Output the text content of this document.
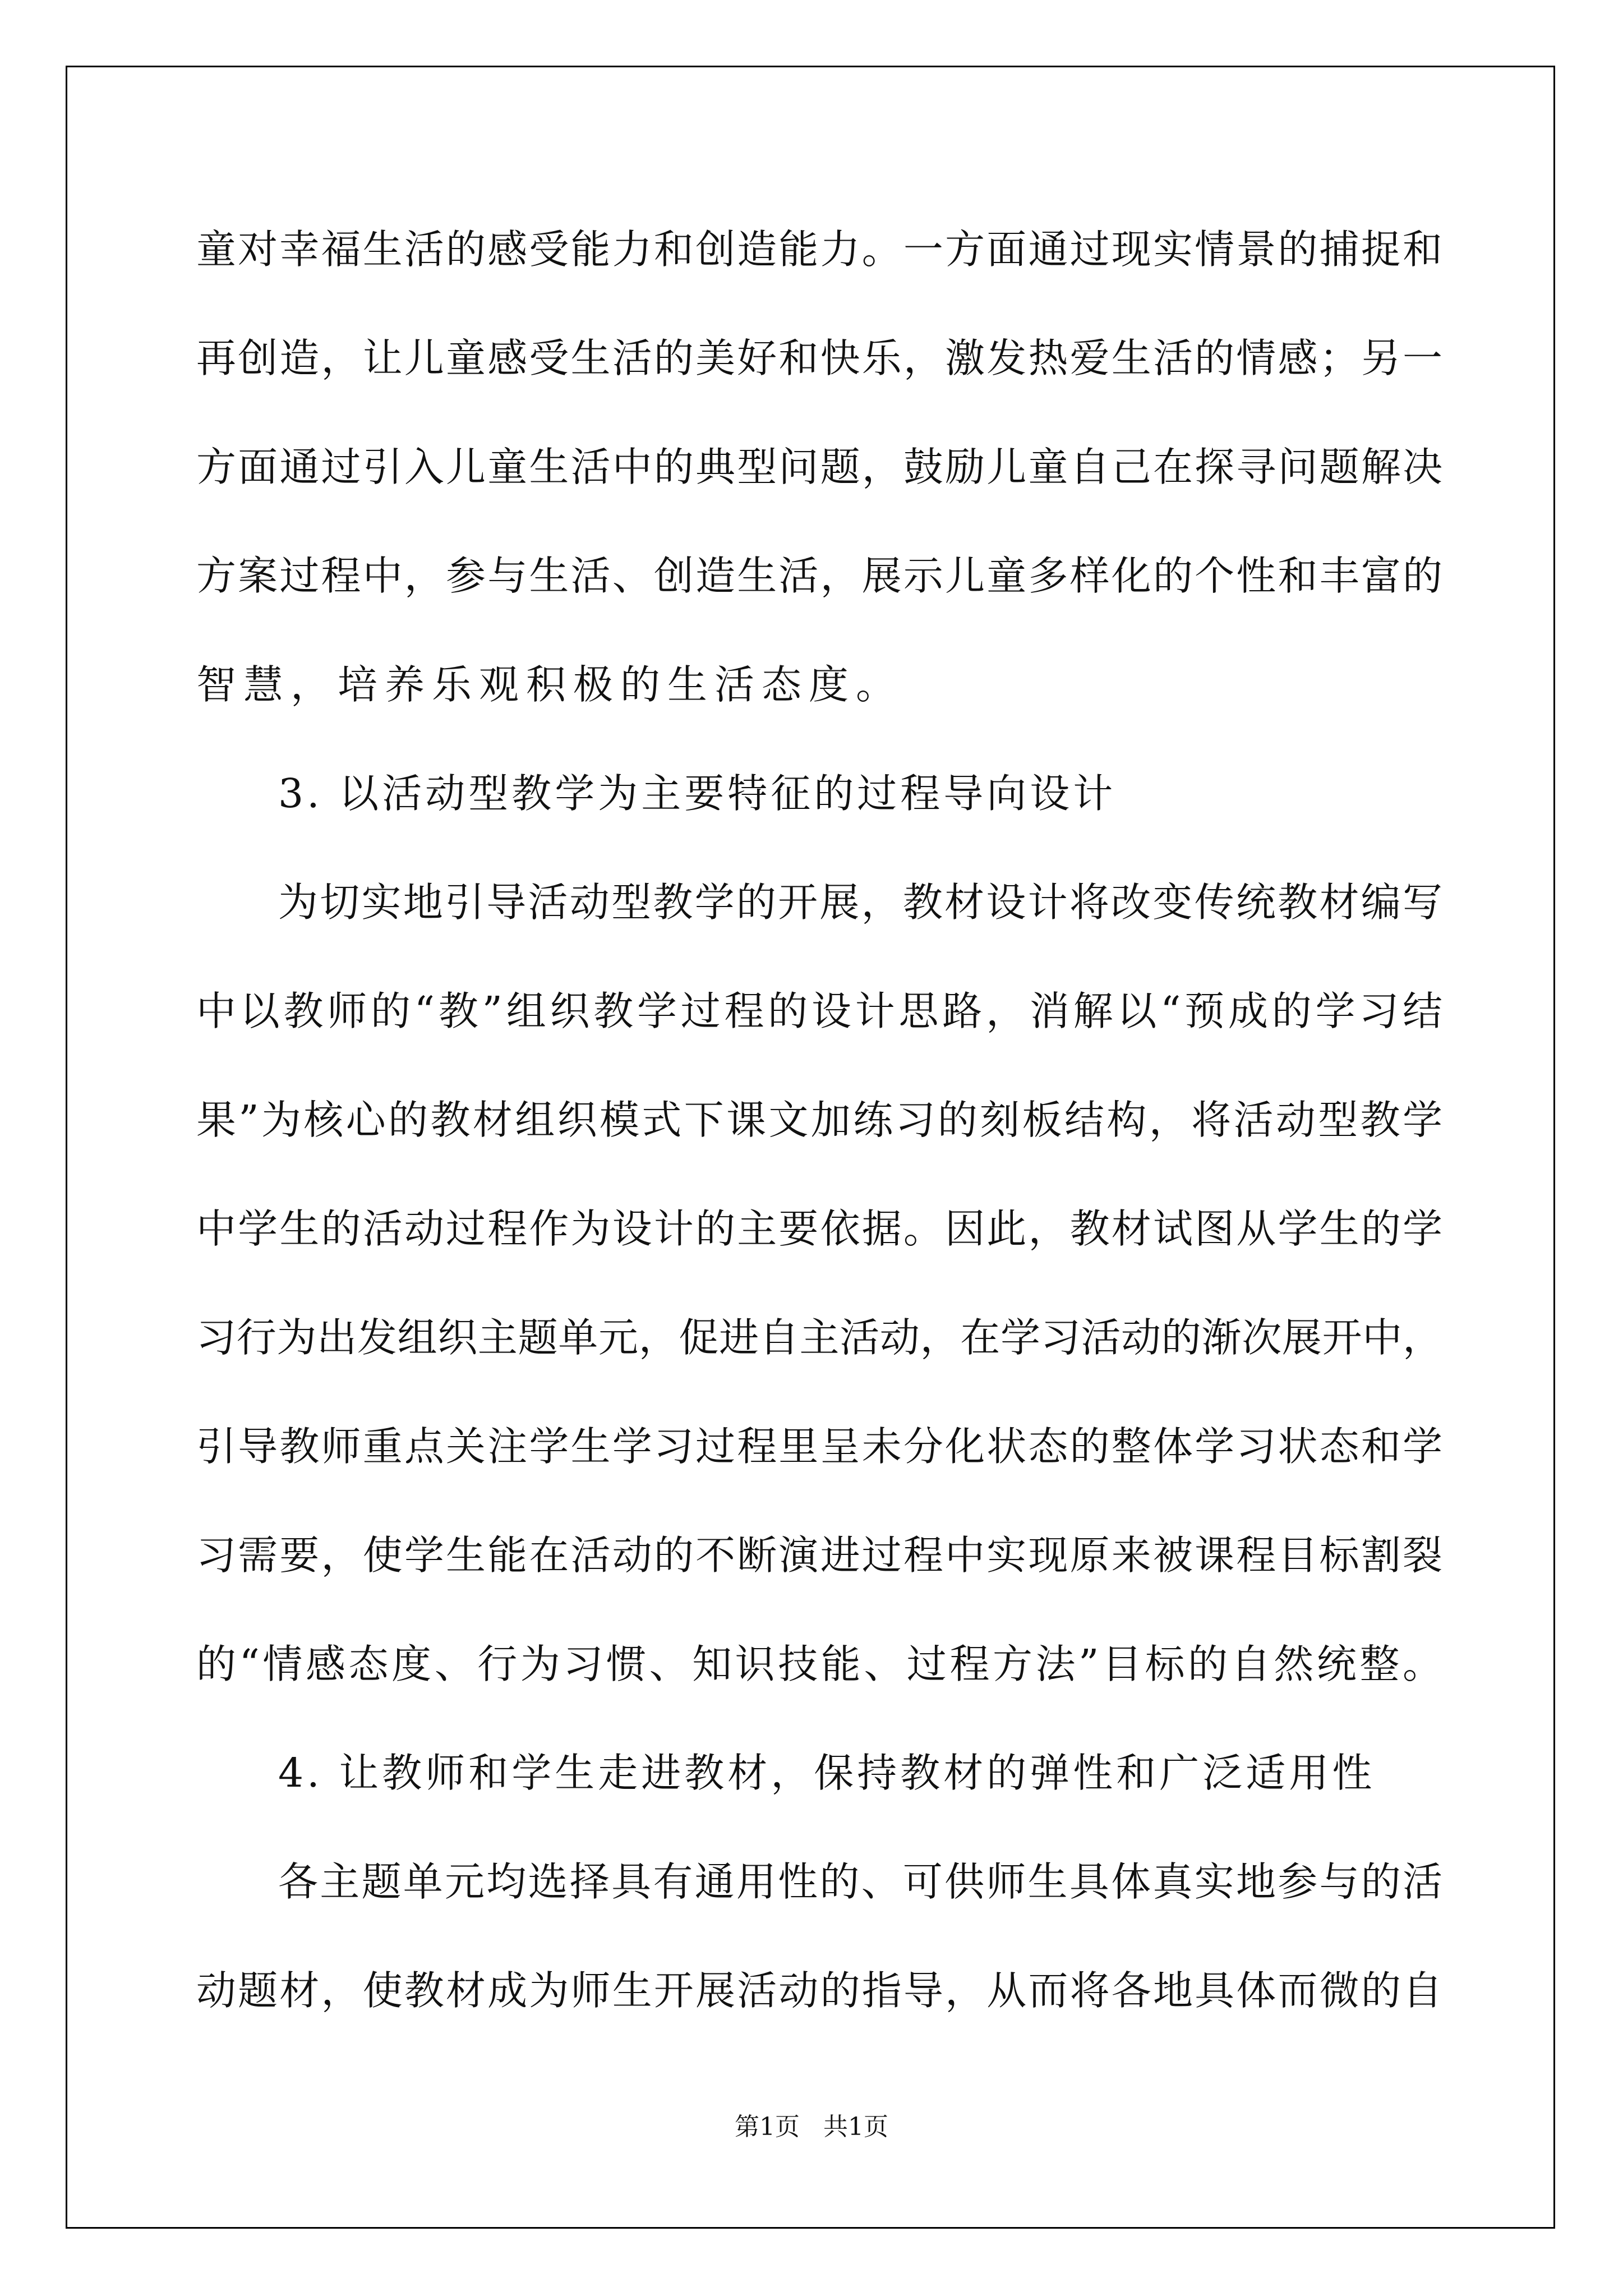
童对幸福生活的感受能力和创造能力。一方面通过现实情景的捕捉和
再创造，让儿童感受生活的美好和快乐，激发热爱生活的情感；另一
方面通过引入儿童生活中的典型问题，鼓励儿童自己在探寻问题解决
方案过程中，参与生活、创造生活，展示儿童多样化的个性和丰富的
智慧，培养乐观积极的生活态度。
3. 以活动型教学为主要特征的过程导向设计
为切实地引导活动型教学的开展，教材设计将改变传统教材编写
中以教师的“教”组织教学过程的设计思路，消解以“预成的学习结
果”为核心的教材组织模式下课文加练习的刻板结构，将活动型教学
中学生的活动过程作为设计的主要依据。因此，教材试图从学生的学
习行为出发组织主题单元，促进自主活动，在学习活动的渐次展开中，
引导教师重点关注学生学习过程里呈未分化状态的整体学习状态和学
习需要，使学生能在活动的不断演进过程中实现原来被课程目标割裂
的“情感态度、行为习惯、知识技能、过程方法”目标的自然统整。
4. 让教师和学生走进教材，保持教材的弹性和广泛适用性
各主题单元均选择具有通用性的、可供师生具体真实地参与的活
动题材，使教材成为师生开展活动的指导，从而将各地具体而微的自
第1页   共1页
